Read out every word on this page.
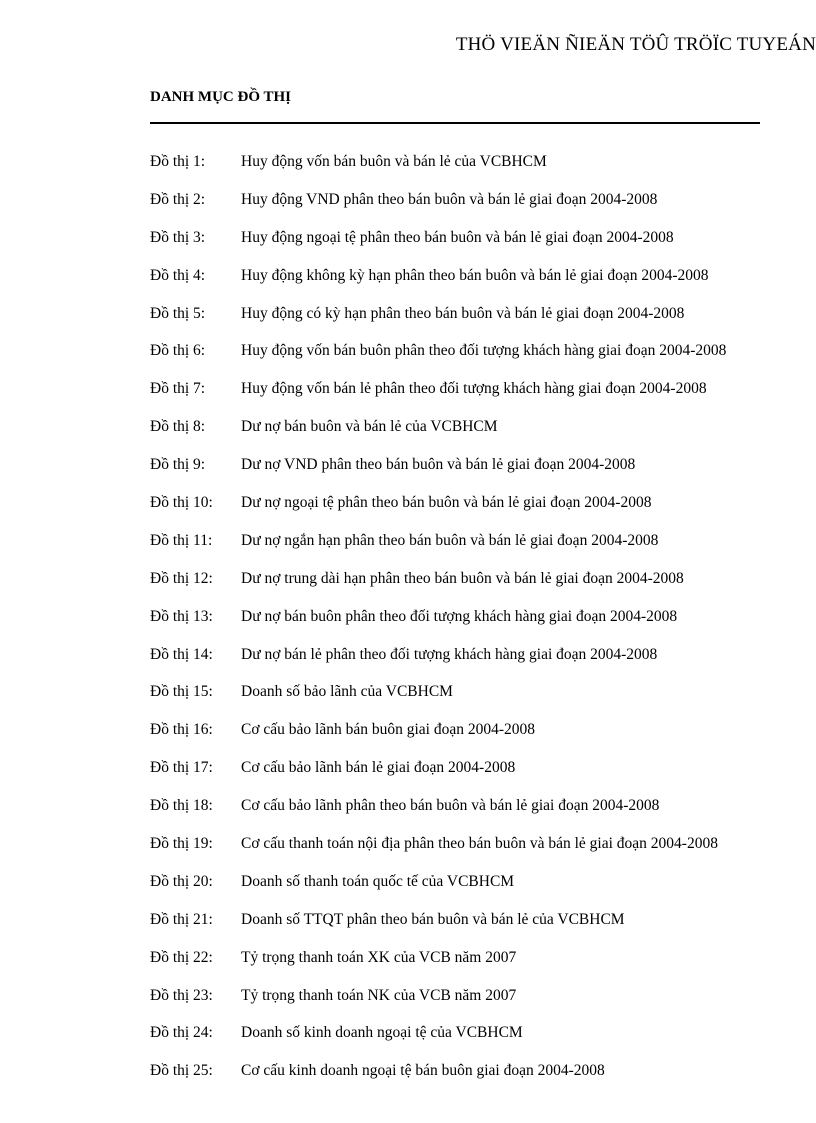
THÖ VIEÄN ÑIEÄN TÖÛ TRÖÏC TUYEÁN
DANH MỤC ĐỒ THỊ
Đồ thị 1:	Huy động vốn bán buôn và bán lẻ của VCBHCM
Đồ thị 2:	Huy động VND phân theo bán buôn và bán lẻ giai đoạn 2004-2008
Đồ thị 3:	Huy động ngoại tệ phân theo bán buôn và bán lẻ giai đoạn 2004-2008
Đồ thị 4:	Huy động không kỳ hạn phân theo bán buôn và bán lẻ giai đoạn 2004-2008
Đồ thị 5:	Huy động có kỳ hạn phân theo bán buôn và bán lẻ giai đoạn 2004-2008
Đồ thị 6:	Huy động vốn bán buôn phân theo đối tượng khách hàng giai đoạn 2004-2008
Đồ thị 7:	Huy động vốn bán lẻ phân theo đối tượng khách hàng giai đoạn 2004-2008
Đồ thị 8:	Dư nợ bán buôn và bán lẻ của VCBHCM
Đồ thị 9:	Dư nợ VND phân theo bán buôn và bán lẻ giai đoạn 2004-2008
Đồ thị 10:	Dư nợ ngoại tệ phân theo bán buôn và bán lẻ giai đoạn 2004-2008
Đồ thị 11:	Dư nợ ngắn hạn phân theo bán buôn và bán lẻ giai đoạn 2004-2008
Đồ thị 12:	Dư nợ trung dài hạn phân theo bán buôn và bán lẻ giai đoạn 2004-2008
Đồ thị 13:	Dư nợ bán buôn phân theo đối tượng khách hàng giai đoạn 2004-2008
Đồ thị 14:	Dư nợ bán lẻ phân theo đối tượng khách hàng giai đoạn 2004-2008
Đồ thị 15:	Doanh số bảo lãnh của VCBHCM
Đồ thị 16:	Cơ cấu bảo lãnh bán buôn giai đoạn 2004-2008
Đồ thị 17:	Cơ cấu bảo lãnh bán lẻ giai đoạn 2004-2008
Đồ thị 18:	Cơ cấu bảo lãnh phân theo bán buôn và bán lẻ giai đoạn 2004-2008
Đồ thị 19:	Cơ cấu thanh toán nội địa phân theo bán buôn và bán lẻ giai đoạn 2004-2008
Đồ thị 20:	Doanh số thanh toán quốc tế của VCBHCM
Đồ thị 21:	Doanh số TTQT phân theo bán buôn và bán lẻ của VCBHCM
Đồ thị 22:	Tỷ trọng thanh toán XK của VCB năm 2007
Đồ thị 23:	Tỷ trọng thanh toán NK của VCB năm 2007
Đồ thị 24:	Doanh số kinh doanh ngoại tệ của VCBHCM
Đồ thị 25:	Cơ cấu kinh doanh ngoại tệ bán buôn giai đoạn 2004-2008
